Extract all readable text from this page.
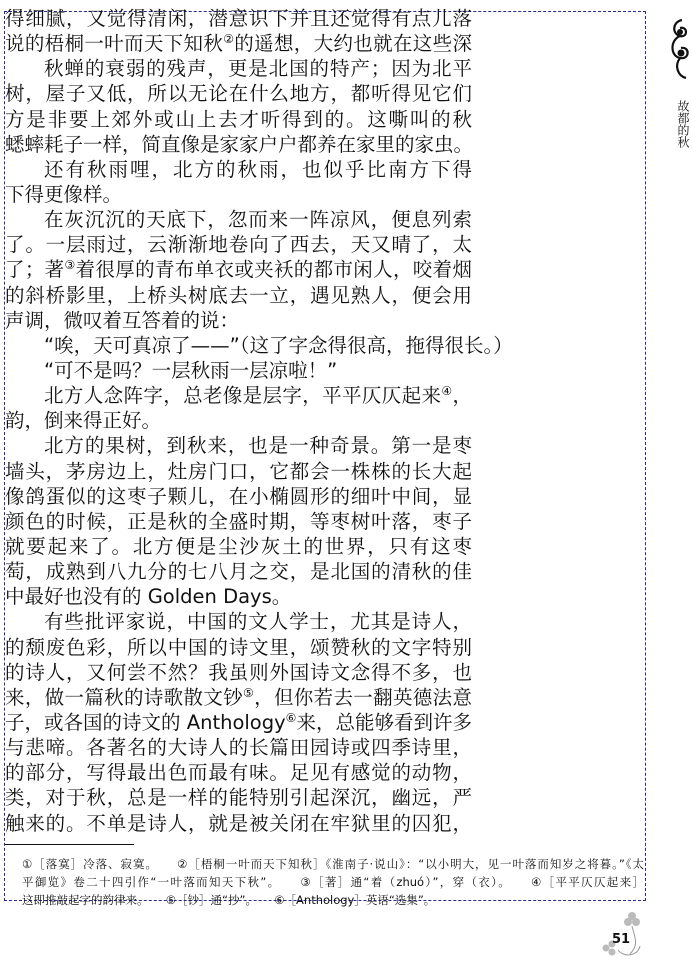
得细腻，又觉得清闲，潜意识下并且还觉得有点儿落
说的梧桐一叶而天下知秋②的遥想，大约也就在这些深
秋蝉的衰弱的残声，更是北国的特产；因为北平
树，屋子又低，所以无论在什么地方，都听得见它们
方是非要上郊外或山上去才听得到的。这嘶叫的秋
蟋蟀耗子一样，简直像是家家户户都养在家里的家虫。
还有秋雨哩，北方的秋雨，也似乎比南方下得
下得更像样。
在灰沉沉的天底下，忽而来一阵凉风，便息列索
了。一层雨过，云渐渐地卷向了西去，天又晴了，太
了；著③着很厚的青布单衣或夹袄的都市闲人，咬着烟
的斜桥影里，上桥头树底去一立，遇见熟人，便会用
声调，微叹着互答着的说：
“唉，天可真凉了——”（这了字念得很高，拖得很长。）
“可不是吗？一层秋雨一层凉啦！”
北方人念阵字，总老像是层字，平平仄仄起来④，
韵，倒来得正好。
北方的果树，到秋来，也是一种奇景。第一是枣
墙头，茅房边上，灶房门口，它都会一株株的长大起
像鸽蛋似的这枣子颗儿，在小椭圆形的细叶中间，显
颜色的时候，正是秋的全盛时期，等枣树叶落，枣子
就要起来了。北方便是尘沙灰土的世界，只有这枣
萄，成熟到八九分的七八月之交，是北国的清秋的佳
中最好也没有的 Golden Days。
有些批评家说，中国的文人学士，尤其是诗人，
的颓废色彩，所以中国的诗文里，颂赞秋的文字特别
的诗人，又何尝不然？我虽则外国诗文念得不多，也
来，做一篇秋的诗歌散文钞⑤，但你若去一翻英德法意
子，或各国的诗文的 Anthology⑥来，总能够看到许多
与悲啼。各著名的大诗人的长篇田园诗或四季诗里，
的部分，写得最出色而最有味。足见有感觉的动物，
类，对于秋，总是一样的能特别引起深沉，幽远，严
触来的。不单是诗人，就是被关闭在牢狱里的囚犯，
①［落寞］冷落、寂寞。　　②［梧桐一叶而天下知秋］《淮南子·说山》：“以小明大，见一叶落而知岁之将暮。”《太
平御览》卷二十四引作“一叶落而知天下秋”。　　③［著］通“着（zhuó）”，穿（衣）。　　④［平平仄仄起来］
这即推敲起字的韵律来。　　⑤［钞］通“抄”。　　⑥［Anthology］英语“选集”。
故都的秋
51
